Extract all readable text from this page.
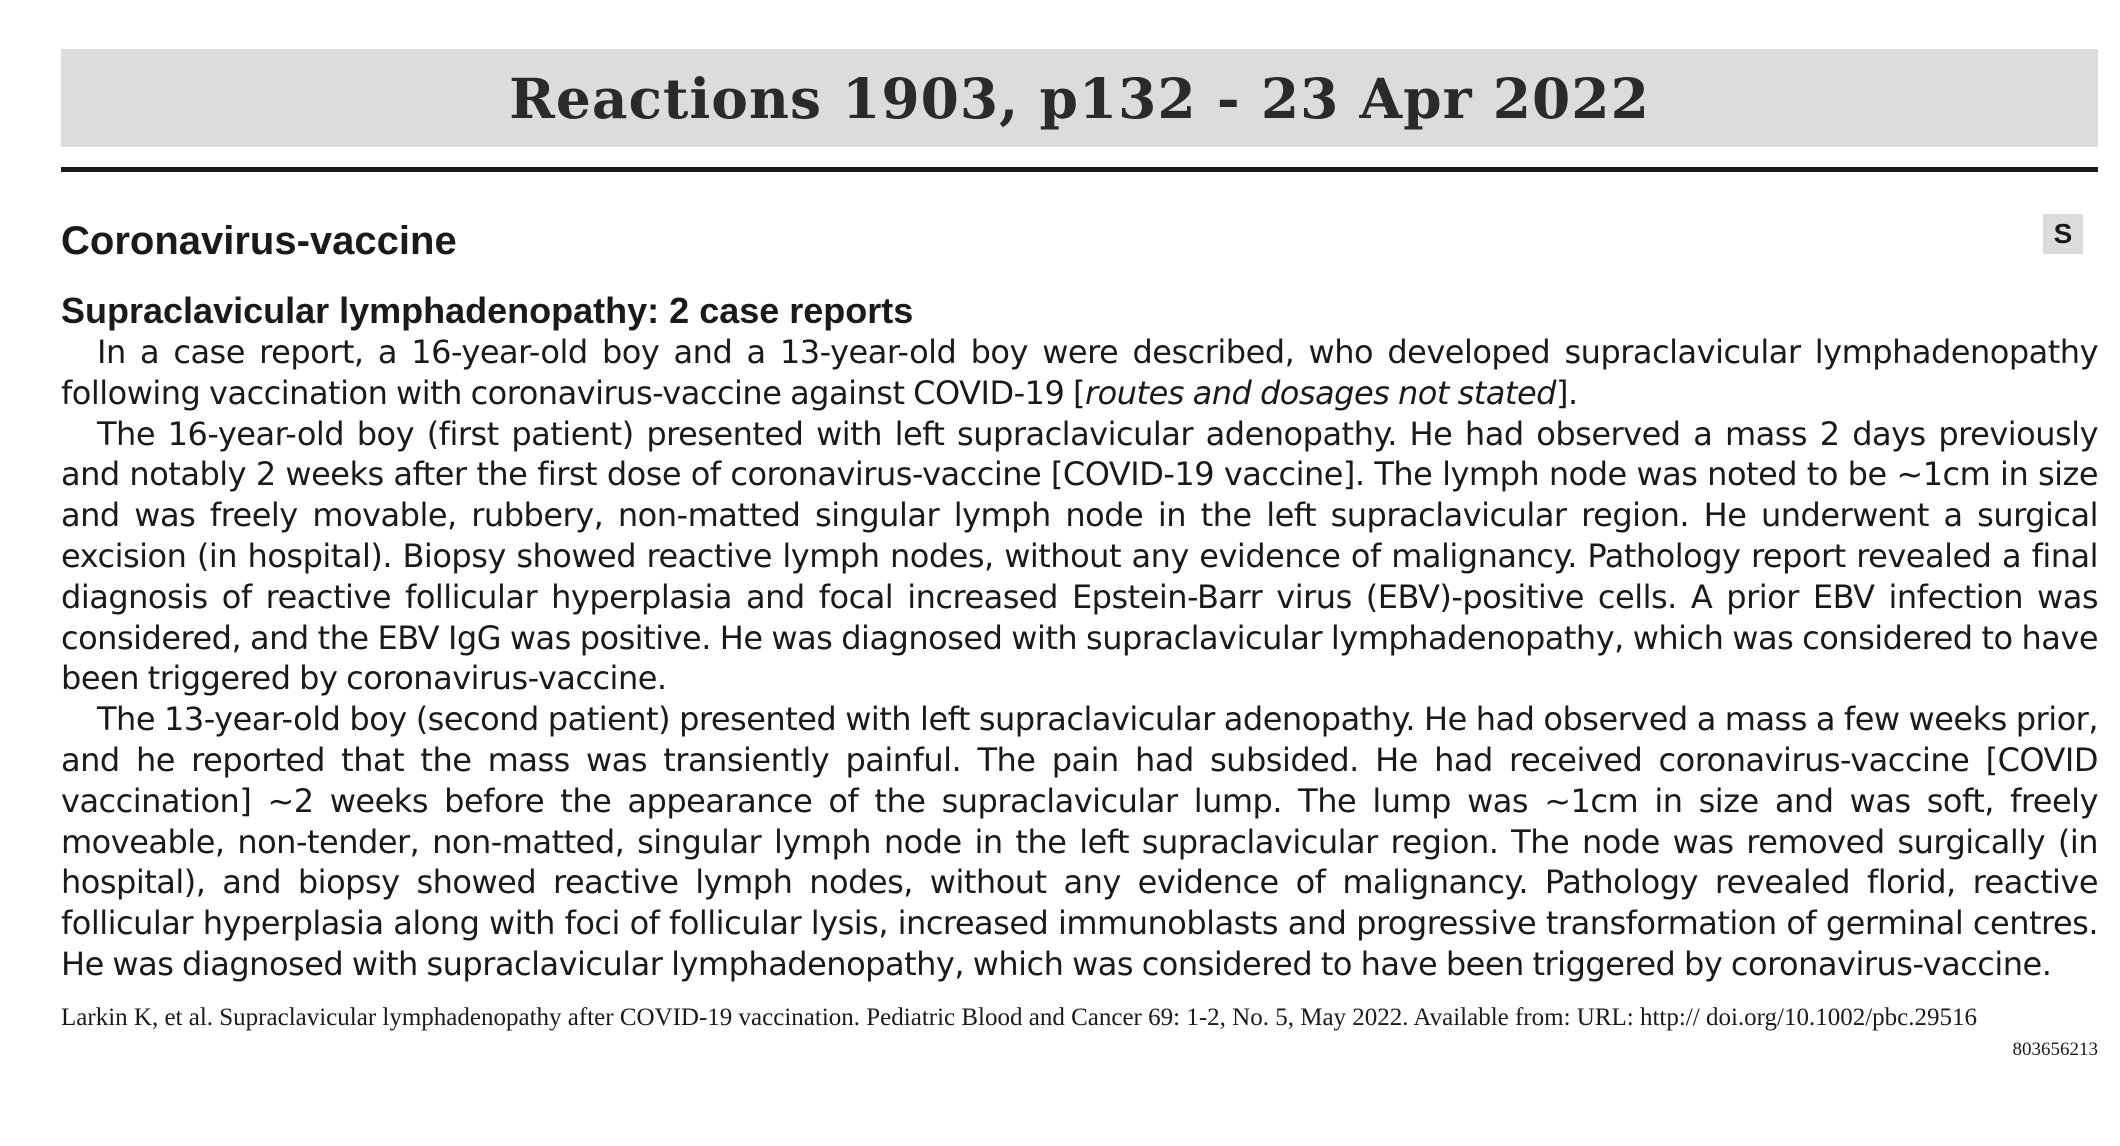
Reactions 1903, p132 - 23 Apr 2022
Coronavirus-vaccine	S
Supraclavicular lymphadenopathy: 2 case reports

In a case report, a 16-year-old boy and a 13-year-old boy were described, who developed supraclavicular lymphadenopathy following vaccination with coronavirus-vaccine against COVID-19 [routes and dosages not stated].

The 16-year-old boy (first patient) presented with left supraclavicular adenopathy. He had observed a mass 2 days previously and notably 2 weeks after the first dose of coronavirus-vaccine [COVID-19 vaccine]. The lymph node was noted to be ~1cm in size and was freely movable, rubbery, non-matted singular lymph node in the left supraclavicular region. He underwent a surgical excision (in hospital). Biopsy showed reactive lymph nodes, without any evidence of malignancy. Pathology report revealed a final diagnosis of reactive follicular hyperplasia and focal increased Epstein-Barr virus (EBV)-positive cells. A prior EBV infection was considered, and the EBV IgG was positive. He was diagnosed with supraclavicular lymphadenopathy, which was considered to have been triggered by coronavirus-vaccine.

The 13-year-old boy (second patient) presented with left supraclavicular adenopathy. He had observed a mass a few weeks prior, and he reported that the mass was transiently painful. The pain had subsided. He had received coronavirus-vaccine [COVID vaccination] ~2 weeks before the appearance of the supraclavicular lump. The lump was ~1cm in size and was soft, freely moveable, non-tender, non-matted, singular lymph node in the left supraclavicular region. The node was removed surgically (in hospital), and biopsy showed reactive lymph nodes, without any evidence of malignancy. Pathology revealed florid, reactive follicular hyperplasia along with foci of follicular lysis, increased immunoblasts and progressive transformation of germinal centres. He was diagnosed with supraclavicular lymphadenopathy, which was considered to have been triggered by coronavirus-vaccine.

Larkin K, et al. Supraclavicular lymphadenopathy after COVID-19 vaccination. Pediatric Blood and Cancer 69: 1-2, No. 5, May 2022. Available from: URL: http:// doi.org/10.1002/pbc.29516
803656213
